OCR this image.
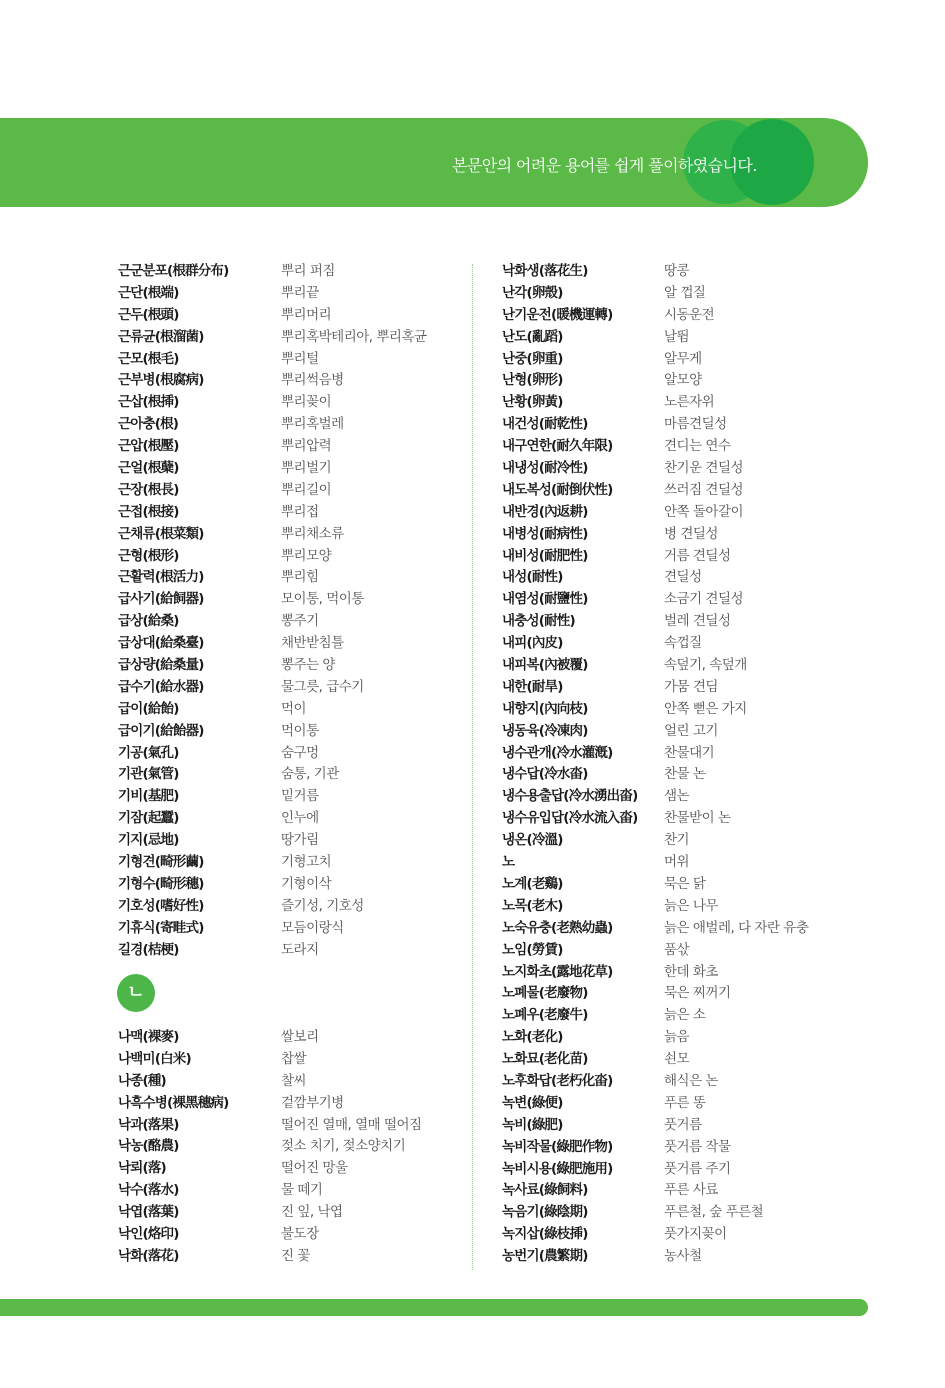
본문안의 어려운 용어를 쉽게 풀이하였습니다.
근군분포(根群分布)	뿌리 퍼짐
근단(根端)	뿌리끝
근두(根頭)	뿌리머리
근류균(根溜菌)	뿌리혹박테리아, 뿌리혹균
근모(根毛)	뿌리털
근부병(根腐病)	뿌리썩음병
근삽(根揷)	뿌리꽂이
근아충(根)	뿌리혹벌레
근압(根壓)	뿌리압력
근얼(根蘖)	뿌리벌기
근장(根長)	뿌리길이
근접(根接)	뿌리접
근채류(根菜類)	뿌리채소류
근형(根形)	뿌리모양
근활력(根活力)	뿌리힘
급사기(給飼器)	모이통, 먹이통
급상(給桑)	뽕주기
급상대(給桑臺)	채반받침틀
급상량(給桑量)	뽕주는 양
급수기(給水器)	물그릇, 급수기
급이(給飴)	먹이
급이기(給飴器)	먹이통
기공(氣孔)	숨구멍
기관(氣管)	숨통, 기관
기비(基肥)	밑거름
기잠(起蠶)	인누에
기지(忌地)	땅가림
기형견(畸形繭)	기형고치
기형수(畸形穗)	기형이삭
기호성(嗜好性)	즐기성, 기호성
기휴식(寄畦式)	모듬이랑식
길경(桔梗)	도라지
ㄴ
나맥(裸麥)	쌀보리
나백미(白米)	찹쌀
나종(種)	찰씨
나흑수병(裸黑穗病)	겉깜부기병
낙과(落果)	떨어진 열매, 열매 떨어짐
낙농(酪農)	젖소 치기, 젖소양치기
낙뢰(落)	떨어진 망울
낙수(落水)	물 떼기
낙엽(落葉)	진 잎, 낙엽
낙인(烙印)	불도장
낙화(落花)	진 꽃
낙화생(落花生)	땅콩
난각(卵殼)	알 껍질
난기운전(暖機運轉)	시동운전
난도(亂蹈)	날뜀
난중(卵重)	알무게
난형(卵形)	알모양
난황(卵黃)	노른자위
내건성(耐乾性)	마름견딜성
내구연한(耐久年限)	견디는 연수
내냉성(耐冷性)	찬기운 견딜성
내도복성(耐倒伏性)	쓰러짐 견딜성
내반경(內返耕)	안쪽 돌아갈이
내병성(耐病性)	병 견딜성
내비성(耐肥性)	거름 견딜성
내성(耐性)	견딜성
내염성(耐鹽性)	소금기 견딜성
내충성(耐性)	벌레 견딜성
내피(內皮)	속껍질
내피복(內被覆)	속덮기, 속덮개
내한(耐旱)	가뭄 견딤
내향지(內向枝)	안쪽 뻗은 가지
냉동육(冷凍肉)	얼린 고기
냉수관개(冷水灌漑)	찬물대기
냉수답(冷水畓)	찬물 논
냉수용출답(冷水湧出畓) 샘논
냉수유입답(冷水流入畓) 찬물받이 논
냉온(冷溫)	찬기
노	머위
노계(老鷄)	묵은 닭
노목(老木)	늙은 나무
노숙유충(老熟幼蟲)	늙은 애벌레, 다 자란 유충
노임(勞賃)	품삯
노지화초(露地花草)	한데 화초
노폐물(老廢物)	묵은 찌꺼기
노폐우(老廢牛)	늙은 소
노화(老化)	늙음
노화묘(老化苗)	쇤모
노후화답(老朽化畓)	해식은 논
녹변(綠便)	푸른 똥
녹비(綠肥)	풋거름
녹비작물(綠肥作物)	풋거름 작물
녹비시용(綠肥施用)	풋거름 주기
녹사료(綠飼料)	푸른 사료
녹음기(綠陰期)	푸른철, 숲 푸른철
녹지삽(綠枝揷)	풋가지꽂이
농번기(農繁期)	농사철
